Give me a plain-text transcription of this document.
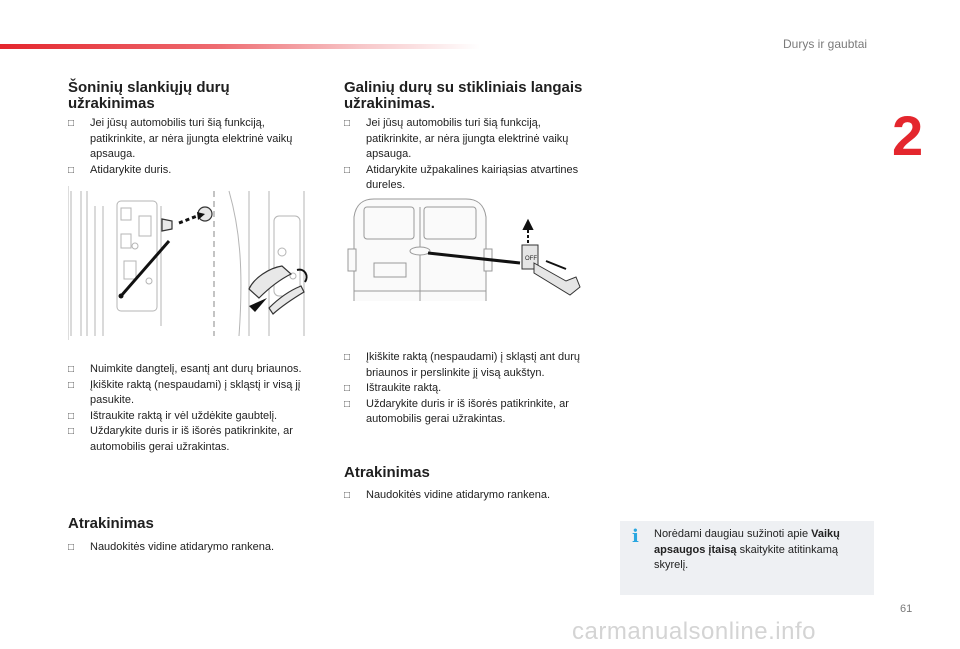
Durys ir gaubtai
2
Šoninių slankiųjų durų užrakinimas
□ Jei jūsų automobilis turi šią funkciją, patikrinkite, ar nėra įjungta elektrinė vaikų apsauga.
□ Atidarykite duris.
□ Nuimkite dangtelį, esantį ant durų briaunos.
□ Įkiškite raktą (nespaudami) į skląstį ir visą jį pasukite.
□ Ištraukite raktą ir vėl uždėkite gaubtelį.
□ Uždarykite duris ir iš išorės patikrinkite, ar automobilis gerai užrakintas.
Atrakinimas
□ Naudokitės vidine atidarymo rankena.
Galinių durų su stikliniais langais užrakinimas.
□ Jei jūsų automobilis turi šią funkciją, patikrinkite, ar nėra įjungta elektrinė vaikų apsauga.
□ Atidarykite užpakalines kairiąsias atvartines dureles.
OFF
□ Įkiškite raktą (nespaudami) į skląstį ant durų briaunos ir perslinkite jį visą aukštyn.
□ Ištraukite raktą.
□ Uždarykite duris ir iš išorės patikrinkite, ar automobilis gerai užrakintas.
Atrakinimas
□ Naudokitės vidine atidarymo rankena.
i Norėdami daugiau sužinoti apie Vaikų apsaugos įtaisą skaitykite atitinkamą skyrelį.
61
carmanualsonline.info
